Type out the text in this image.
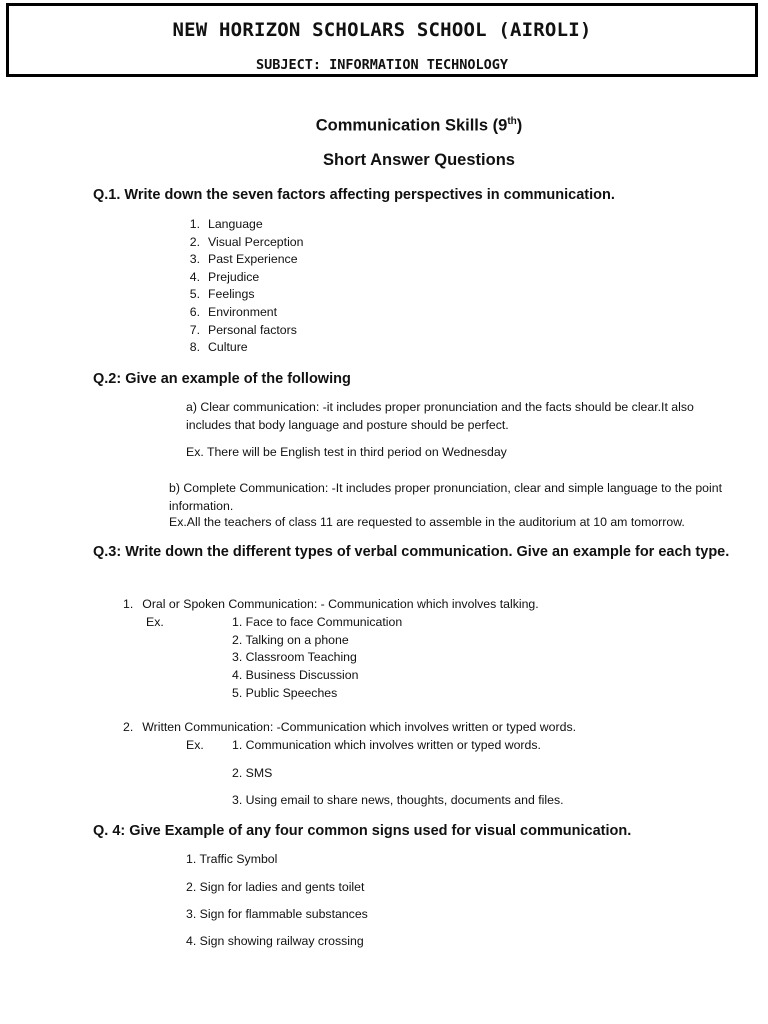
NEW HORIZON SCHOLARS SCHOOL (AIROLI)
SUBJECT: INFORMATION TECHNOLOGY
Communication Skills (9th)
Short Answer Questions
Q.1. Write down the seven factors affecting perspectives in communication.
1. Language
2. Visual Perception
3. Past Experience
4. Prejudice
5. Feelings
6. Environment
7. Personal factors
8. Culture
Q.2: Give an example of the following
a) Clear communication: -it includes proper pronunciation and the facts should be clear.It also includes that body language and posture should be perfect.
Ex. There will be English test in third period on Wednesday
b) Complete Communication: -It includes proper pronunciation, clear and simple language to the point information.
Ex.All the teachers of class 11 are requested to assemble in the auditorium at 10 am tomorrow.
Q.3: Write down the different types of verbal communication. Give an example for each type.
1. Oral or Spoken Communication: - Communication which involves talking.
Ex.	1. Face to face Communication
2. Talking on a phone
3. Classroom Teaching
4. Business Discussion
5. Public Speeches
2. Written Communication: -Communication which involves written or typed words.
Ex. 1. Communication which involves written or typed words.
2. SMS
3. Using email to share news, thoughts, documents and files.
Q. 4: Give Example of any four common signs used for visual communication.
1. Traffic Symbol
2. Sign for ladies and gents toilet
3. Sign for flammable substances
4. Sign showing railway crossing
